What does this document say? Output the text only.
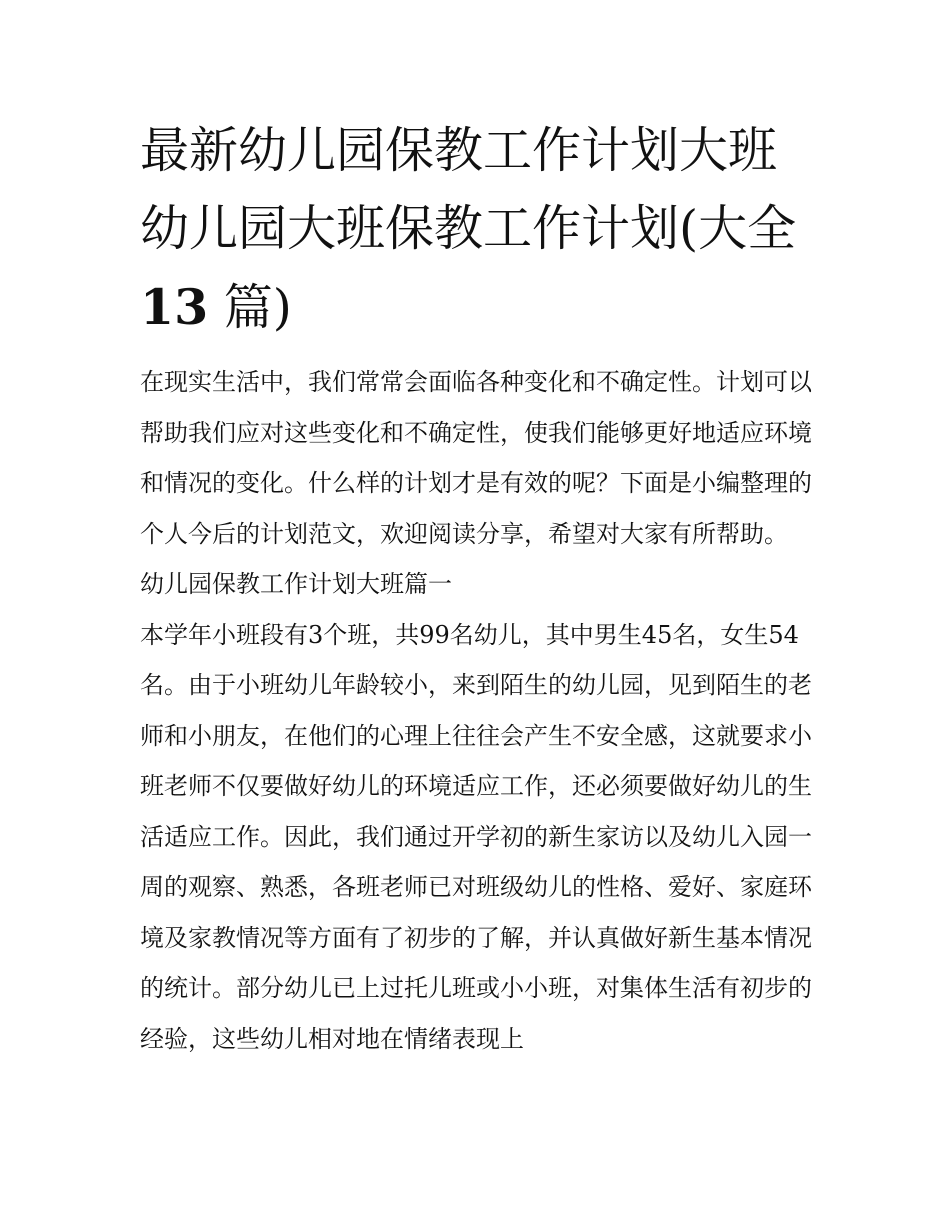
最新幼儿园保教工作计划大班幼儿园大班保教工作计划(大全
13 篇)

在现实生活中，我们常常会面临各种变化和不确定性。计划可以帮助我们应对这些变化和不确定性，使我们能够更好地适应环境和情况的变化。什么样的计划才是有效的呢？下面是小编整理的个人今后的计划范文，欢迎阅读分享，希望对大家有所帮助。

幼儿园保教工作计划大班篇一

本学年小班段有3个班，共99名幼儿，其中男生45名，女生54名。由于小班幼儿年龄较小，来到陌生的幼儿园，见到陌生的老师和小朋友，在他们的心理上往往会产生不安全感，这就要求小班老师不仅要做好幼儿的环境适应工作，还必须要做好幼儿的生活适应工作。因此，我们通过开学初的新生家访以及幼儿入园一周的观察、熟悉，各班老师已对班级幼儿的性格、爱好、家庭环境及家教情况等方面有了初步的了解，并认真做好新生基本情况的统计。部分幼儿已上过托儿班或小小班，对集体生活有初步的经验，这些幼儿相对地在情绪表现上
